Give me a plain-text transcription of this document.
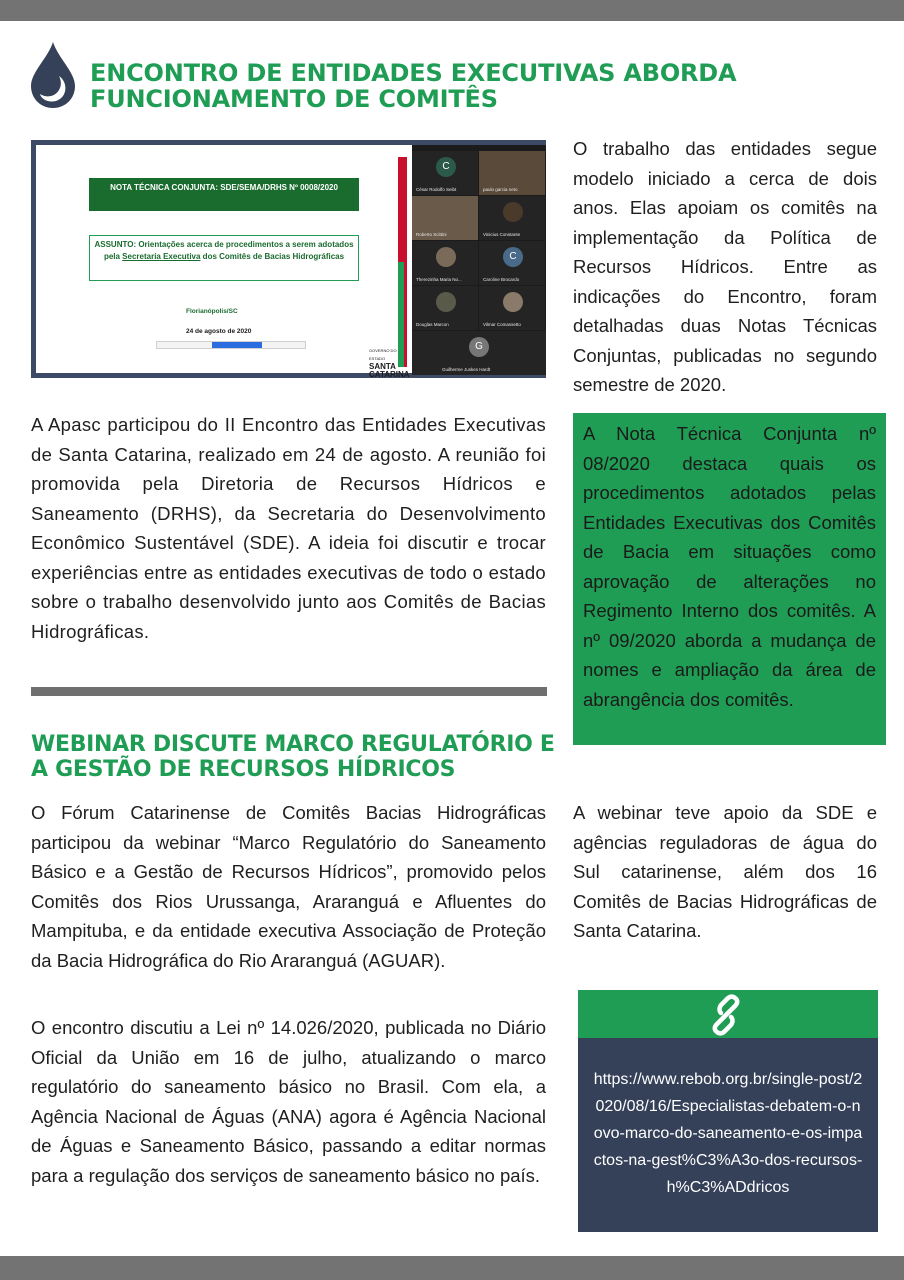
ENCONTRO DE ENTIDADES EXECUTIVAS ABORDA FUNCIONAMENTO DE COMITÊS
NOTA TÉCNICA CONJUNTA: SDE/SEMA/DRHS Nº 0008/2020
ASSUNTO: Orientações acerca de procedimentos a serem adotados pela Secretaria Executiva dos Comitês de Bacias Hidrográficas
Florianópolis/SC
24 de agosto de 2020
GOVERNO DO ESTADO
SANTA CATARINA
C
César Rodolfo Seibt	paulo garcia neto
Roberto Scittini	Vinicius Constante
Therezinha Maria No...
C
Caroline Brocardo
Douglas Marcon	Vilmar Comassetto
G
Guilherme Juskes Hardt

O trabalho das entidades segue modelo iniciado a cerca de dois anos. Elas apoiam os comitês na implementação da Política de Recursos Hídricos. Entre as indicações do Encontro, foram detalhadas duas Notas Técnicas Conjuntas, publicadas no segundo semestre de 2020.

A Apasc participou do II Encontro das Entidades Executivas de Santa Catarina, realizado em 24 de agosto. A reunião foi promovida pela Diretoria de Recursos Hídricos e Saneamento (DRHS), da Secretaria do Desenvolvimento Econômico Sustentável (SDE). A ideia foi discutir e trocar experiências entre as entidades executivas de todo o estado sobre o trabalho desenvolvido junto aos Comitês de Bacias Hidrográficas.

A Nota Técnica Conjunta nº 08/2020 destaca quais os procedimentos adotados pelas Entidades Executivas dos Comitês de Bacia em situações como aprovação de alterações no Regimento Interno dos comitês. A nº 09/2020 aborda a mudança de nomes e ampliação da área de abrangência dos comitês.

WEBINAR DISCUTE MARCO REGULATÓRIO E A GESTÃO DE RECURSOS HÍDRICOS

O Fórum Catarinense de Comitês Bacias Hidrográficas participou da webinar “Marco Regulatório do Saneamento Básico e a Gestão de Recursos Hídricos”, promovido pelos Comitês dos Rios Urussanga, Araranguá e Afluentes do Mampituba, e da entidade executiva Associação de Proteção da Bacia Hidrográfica do Rio Araranguá (AGUAR).

O encontro discutiu a Lei nº 14.026/2020, publicada no Diário Oficial da União em 16 de julho, atualizando o marco regulatório do saneamento básico no Brasil. Com ela, a Agência Nacional de Águas (ANA) agora é Agência Nacional de Águas e Saneamento Básico, passando a editar normas para a regulação dos serviços de saneamento básico no país.

A webinar teve apoio da SDE e agências reguladoras de água do Sul catarinense, além dos 16 Comitês de Bacias Hidrográficas de Santa Catarina.

https://www.rebob.org.br/single-post/2020/08/16/Especialistas-debatem-o-novo-marco-do-saneamento-e-os-impactos-na-gest%C3%A3o-dos-recursos-h%C3%ADdricos
